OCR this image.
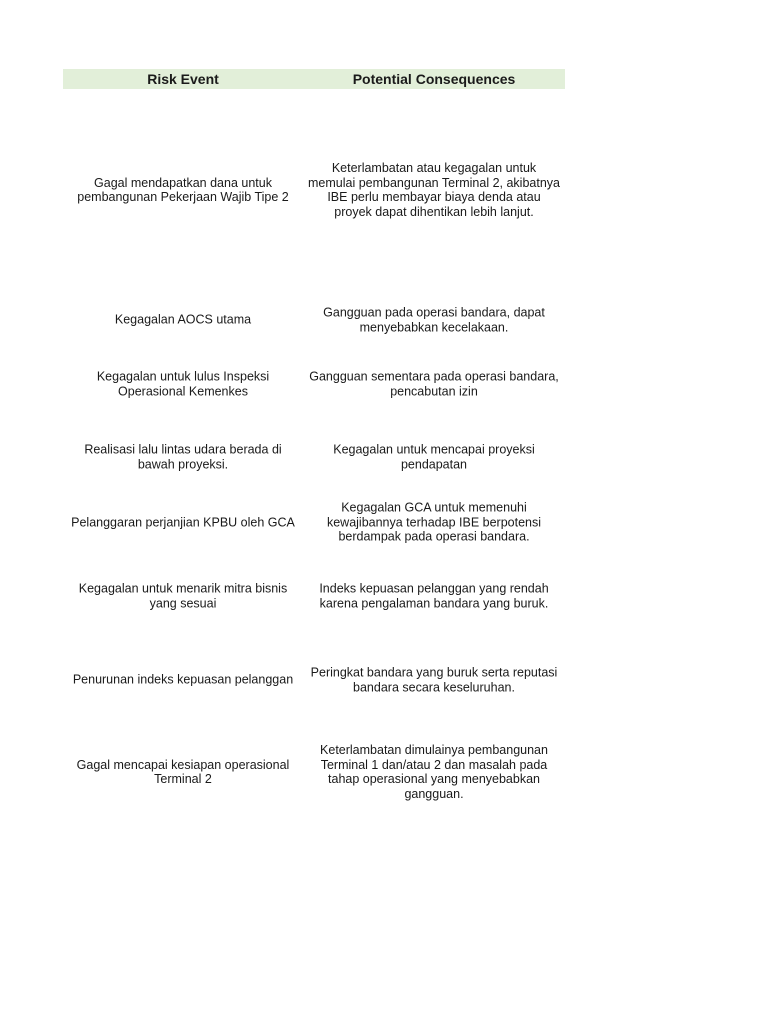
Risk Event	Potential Consequences
Gagal mendapatkan dana untuk pembangunan Pekerjaan Wajib Tipe 2
Keterlambatan atau kegagalan untuk memulai pembangunan Terminal 2, akibatnya IBE perlu membayar biaya denda atau proyek dapat dihentikan lebih lanjut.
Kegagalan AOCS utama
Gangguan pada operasi bandara, dapat menyebabkan kecelakaan.
Kegagalan untuk lulus Inspeksi Operasional Kemenkes
Gangguan sementara pada operasi bandara, pencabutan izin
Realisasi lalu lintas udara berada di bawah proyeksi.
Kegagalan untuk mencapai proyeksi pendapatan
Pelanggaran perjanjian KPBU oleh GCA
Kegagalan GCA untuk memenuhi kewajibannya terhadap IBE berpotensi berdampak pada operasi bandara.
Kegagalan untuk menarik mitra bisnis yang sesuai
Indeks kepuasan pelanggan yang rendah karena pengalaman bandara yang buruk.
Penurunan indeks kepuasan pelanggan
Peringkat bandara yang buruk serta reputasi bandara secara keseluruhan.
Gagal mencapai kesiapan operasional Terminal 2
Keterlambatan dimulainya pembangunan Terminal 1 dan/atau 2 dan masalah pada tahap operasional yang menyebabkan gangguan.
